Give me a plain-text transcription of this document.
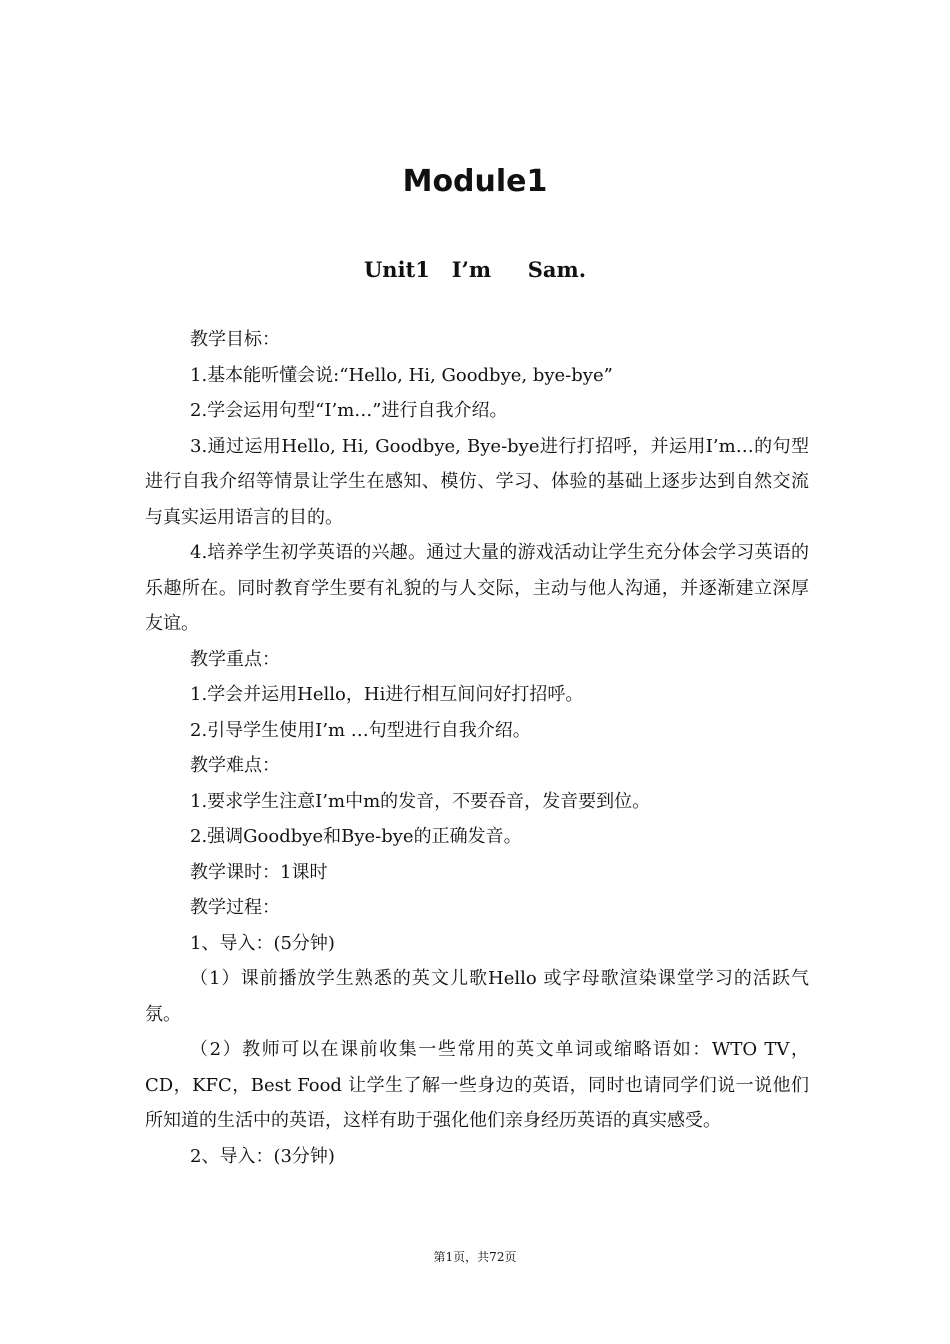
Module1
Unit1   I’m     Sam.

教学目标：

1.基本能听懂会说:“Hello, Hi, Goodbye, bye-bye”

2.学会运用句型“I’m…”进行自我介绍。

3.通过运用Hello, Hi, Goodbye, Bye-bye进行打招呼，并运用I’m…的句型进行自我介绍等情景让学生在感知、模仿、学习、体验的基础上逐步达到自然交流与真实运用语言的目的。

4.培养学生初学英语的兴趣。通过大量的游戏活动让学生充分体会学习英语的乐趣所在。同时教育学生要有礼貌的与人交际，主动与他人沟通，并逐渐建立深厚友谊。

教学重点：

1.学会并运用Hello，Hi进行相互间问好打招呼。

2.引导学生使用I’m …句型进行自我介绍。

教学难点：

1.要求学生注意I’m中m的发音，不要吞音，发音要到位。

2.强调Goodbye和Bye-bye的正确发音。

教学课时：1课时

教学过程：

1、导入：(5分钟)

（1）课前播放学生熟悉的英文儿歌Hello 或字母歌渲染课堂学习的活跃气氛。

（2）教师可以在课前收集一些常用的英文单词或缩略语如：WTO TV，CD，KFC，Best Food 让学生了解一些身边的英语，同时也请同学们说一说他们所知道的生活中的英语，这样有助于强化他们亲身经历英语的真实感受。

2、导入：(3分钟)

第1页，共72页
